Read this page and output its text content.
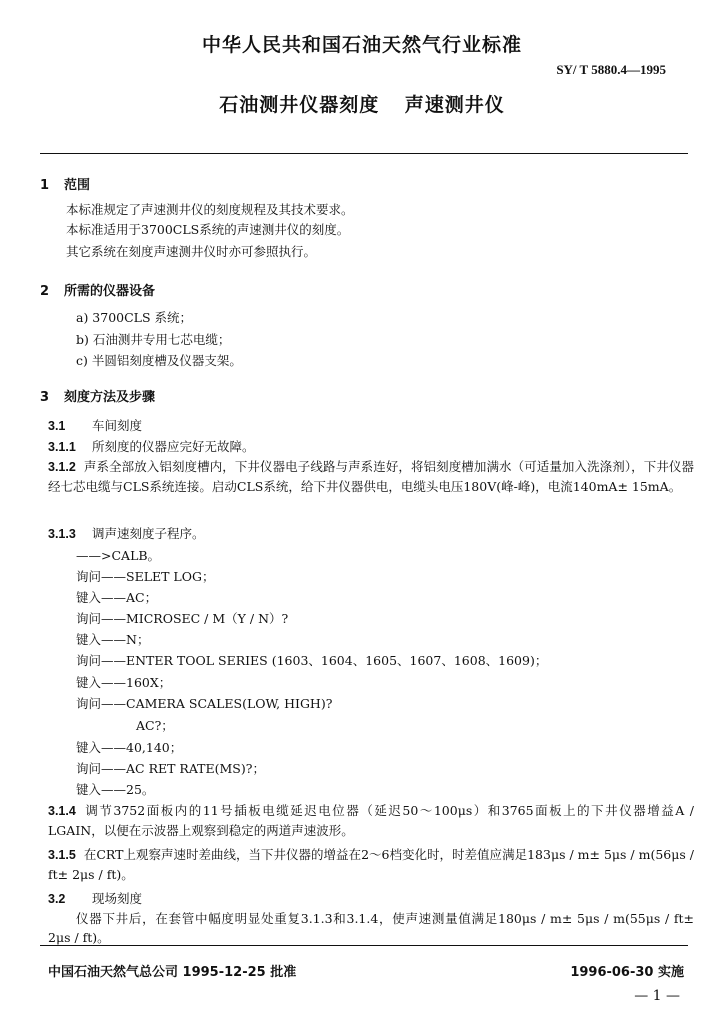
中华人民共和国石油天然气行业标准
SY/ T 5880.4—1995
石油测井仪器刻度 声速测井仪
1 范围
本标准规定了声速测井仪的刻度规程及其技术要求。
本标准适用于3700CLS系统的声速测井仪的刻度。
其它系统在刻度声速测井仪时亦可参照执行。
2 所需的仪器设备
a) 3700CLS 系统；
b) 石油测井专用七芯电缆；
c) 半圆铝刻度槽及仪器支架。
3 刻度方法及步骤
3.1 车间刻度
3.1.1 所刻度的仪器应完好无故障。
3.1.2 声系全部放入铝刻度槽内，下井仪器电子线路与声系连好，将铝刻度槽加满水（可适量加入洗涤剂），下井仪器经七芯电缆与CLS系统连接。启动CLS系统，给下井仪器供电，电缆头电压180V(峰-峰)，电流140mA± 15mA。
3.1.3 调声速刻度子程序。
——>CALB。
询问——SELET LOG；
键入——AC；
询问——MICROSEC / M（Y / N）?
键入——N；
询问——ENTER TOOL SERIES (1603、1604、1605、1607、1608、1609)；
键入——160X；
询问——CAMERA SCALES(LOW, HIGH)?
AC?；
键入——40,140；
询问——AC RET RATE(MS)?；
键入——25。
3.1.4 调节3752面板内的11号插板电缆延迟电位器（延迟50～100μs）和3765面板上的下井仪器增益A / LGAIN，以便在示波器上观察到稳定的两道声速波形。
3.1.5 在CRT上观察声速时差曲线，当下井仪器的增益在2～6档变化时，时差值应满足183μs / m± 5μs / m(56μs / ft± 2μs / ft)。
3.2 现场刻度
仪器下井后，在套管中幅度明显处重复3.1.3和3.1.4，使声速测量值满足180μs / m± 5μs / m(55μs / ft± 2μs / ft)。
中国石油天然气总公司 1995-12-25 批准	1996-06-30 实施
— 1 —
